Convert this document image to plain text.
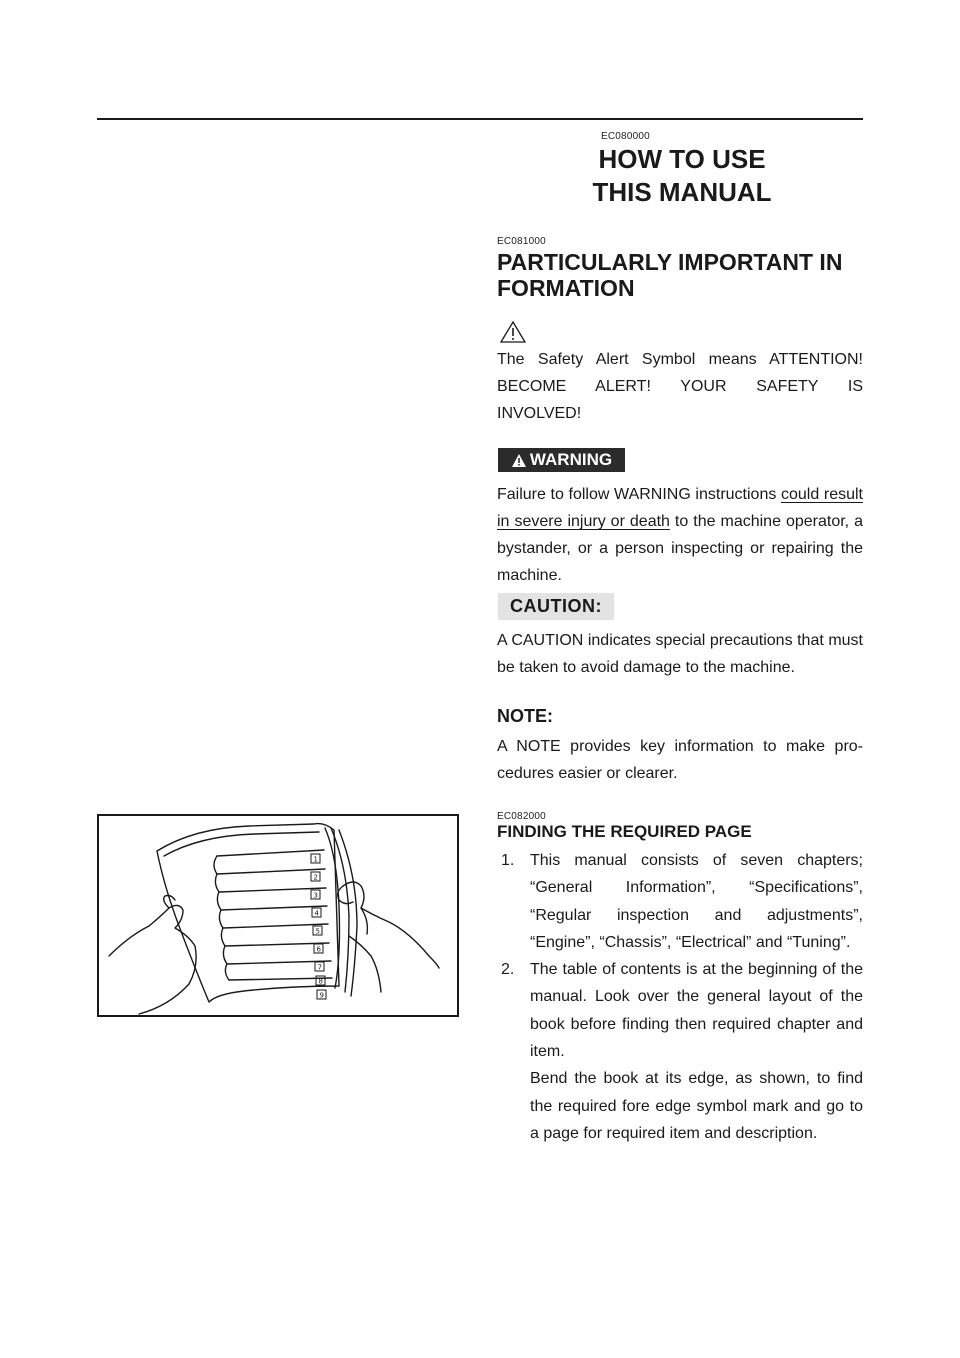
EC080000
HOW TO USE
THIS MANUAL
EC081000
PARTICULARLY IMPORTANT IN
FORMATION
The Safety Alert Symbol means ATTENTION!
BECOME ALERT! YOUR SAFETY IS
INVOLVED!
WARNING
Failure to follow WARNING instructions could result in severe injury or death to the machine operator, a bystander, or a person inspecting or repairing the machine.
CAUTION:
A CAUTION indicates special precautions that must be taken to avoid damage to the machine.
NOTE:
A NOTE provides key information to make procedures easier or clearer.
EC082000
FINDING THE REQUIRED PAGE
1. This manual consists of seven chapters; “General Information”, “Specifications”, “Regular inspection and adjustments”, “Engine”, “Chassis”, “Electrical” and “Tuning”.
2. The table of contents is at the beginning of the manual. Look over the general layout of the book before finding then required chapter and item.
Bend the book at its edge, as shown, to find the required fore edge symbol mark and go to a page for required item and description.
1
2
3
4
5
6
7
8
9
